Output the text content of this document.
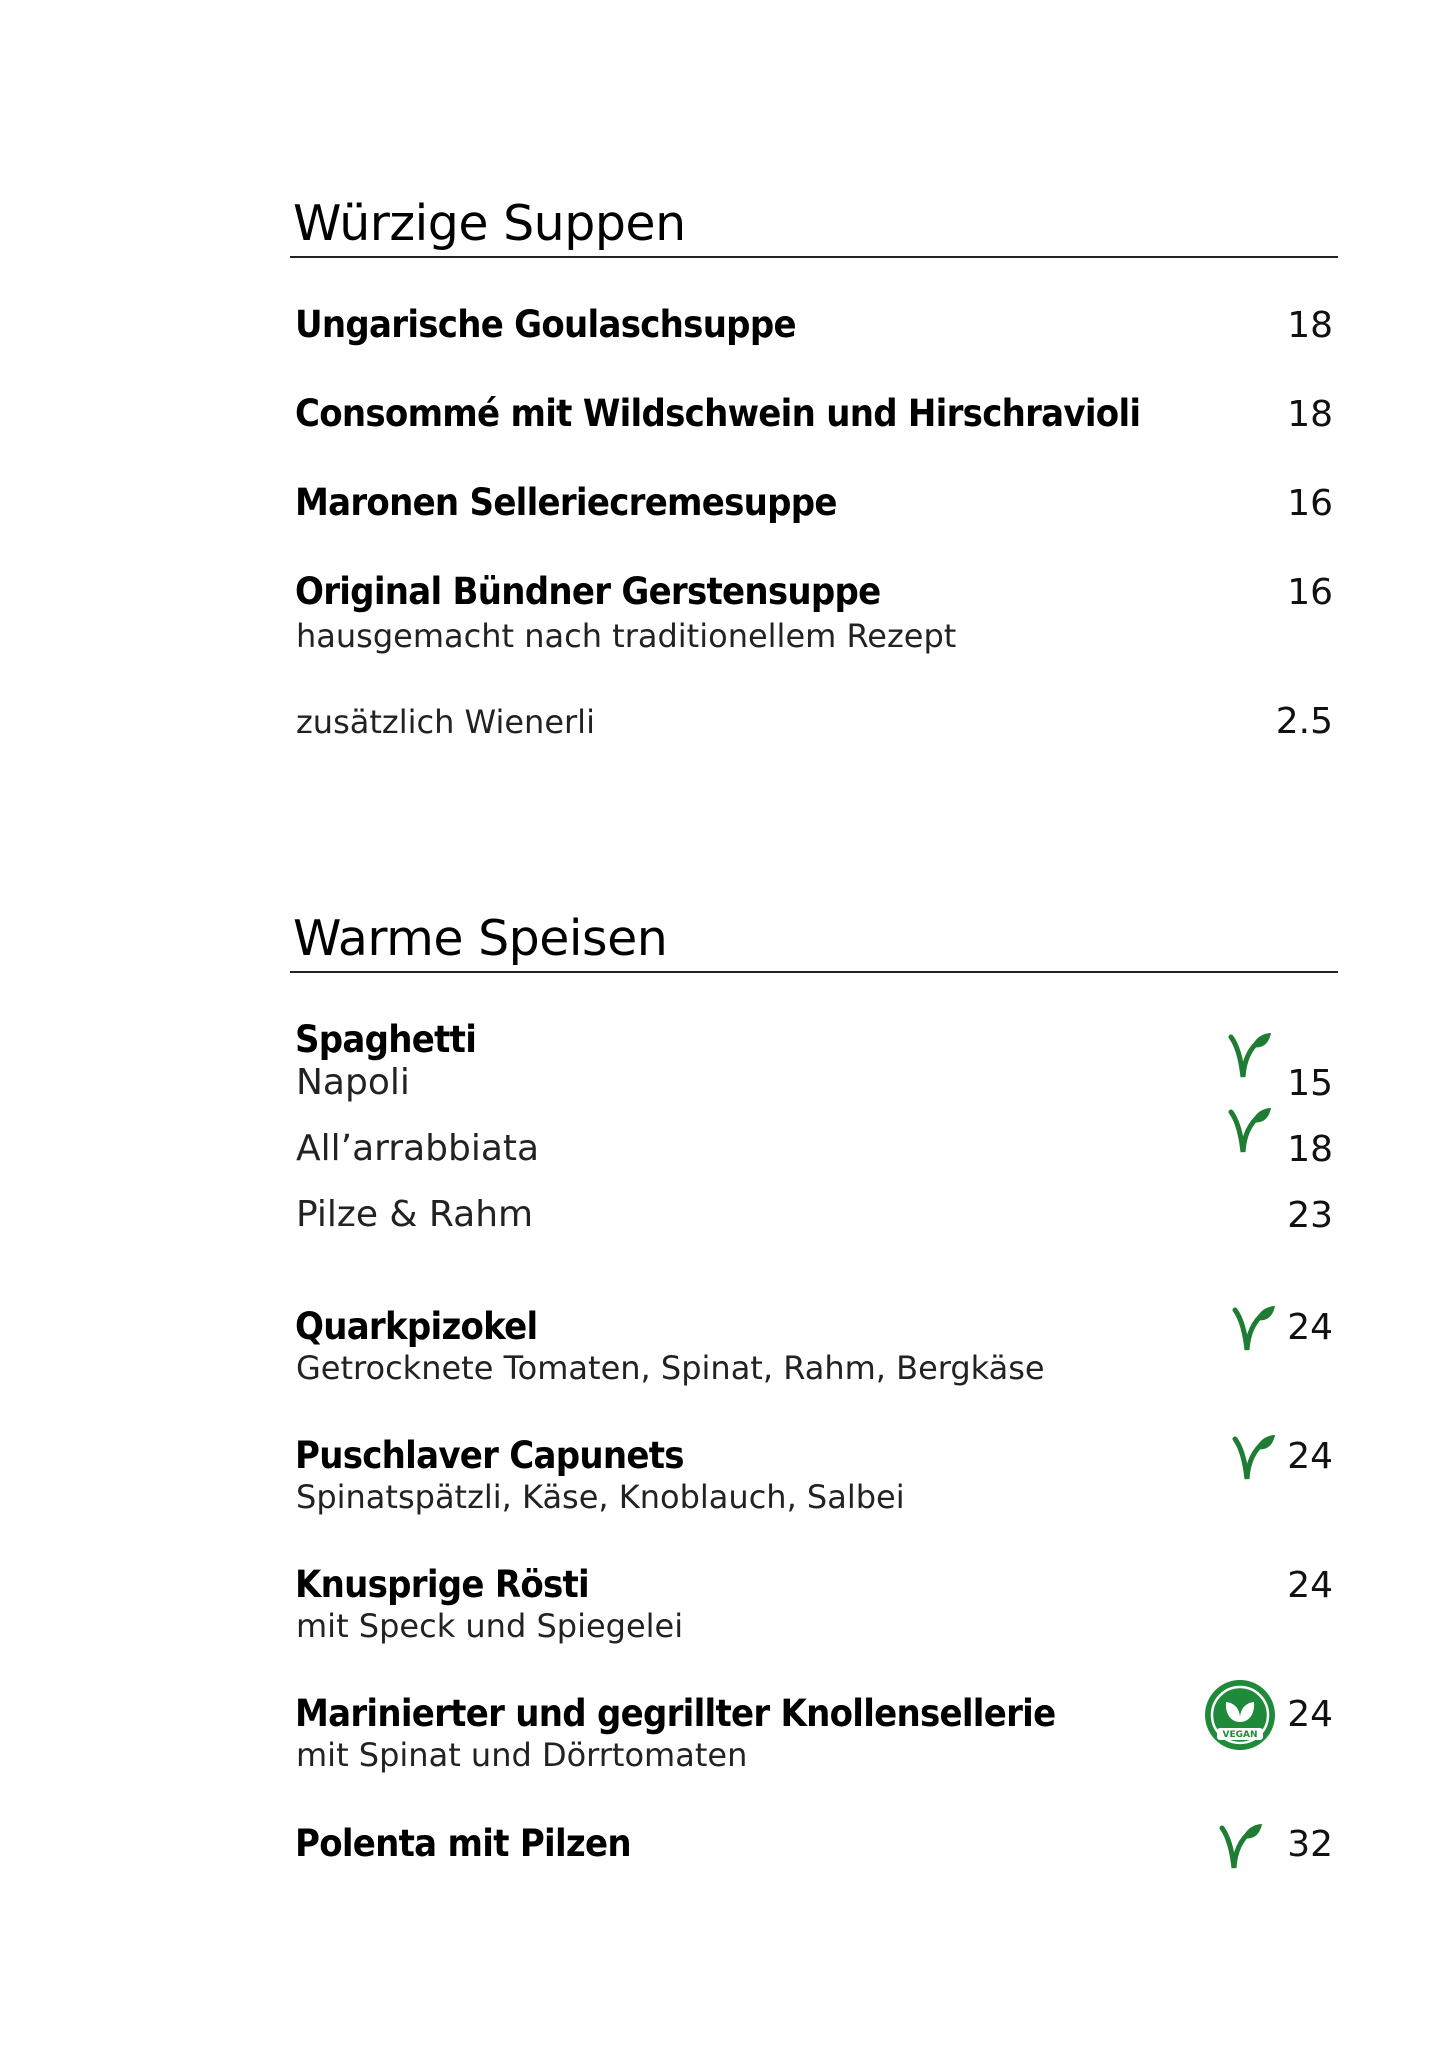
Würzige Suppen
Ungarische Goulaschsuppe	18
Consommé mit Wildschwein und Hirschravioli	18
Maronen Selleriecremesuppe	16
Original Bündner Gerstensuppe	16
hausgemacht nach traditionellem Rezept
zusätzlich Wienerli	2.5
Warme Speisen
Spaghetti
Napoli	15
All’arrabbiata	18
Pilze & Rahm	23
Quarkpizokel	24
Getrocknete Tomaten, Spinat, Rahm, Bergkäse
Puschlaver Capunets	24
Spinatspätzli, Käse, Knoblauch, Salbei
Knusprige Rösti	24
mit Speck und Spiegelei
Marinierter und gegrillter Knollensellerie	VEGAN 24
mit Spinat und Dörrtomaten
Polenta mit Pilzen	32
